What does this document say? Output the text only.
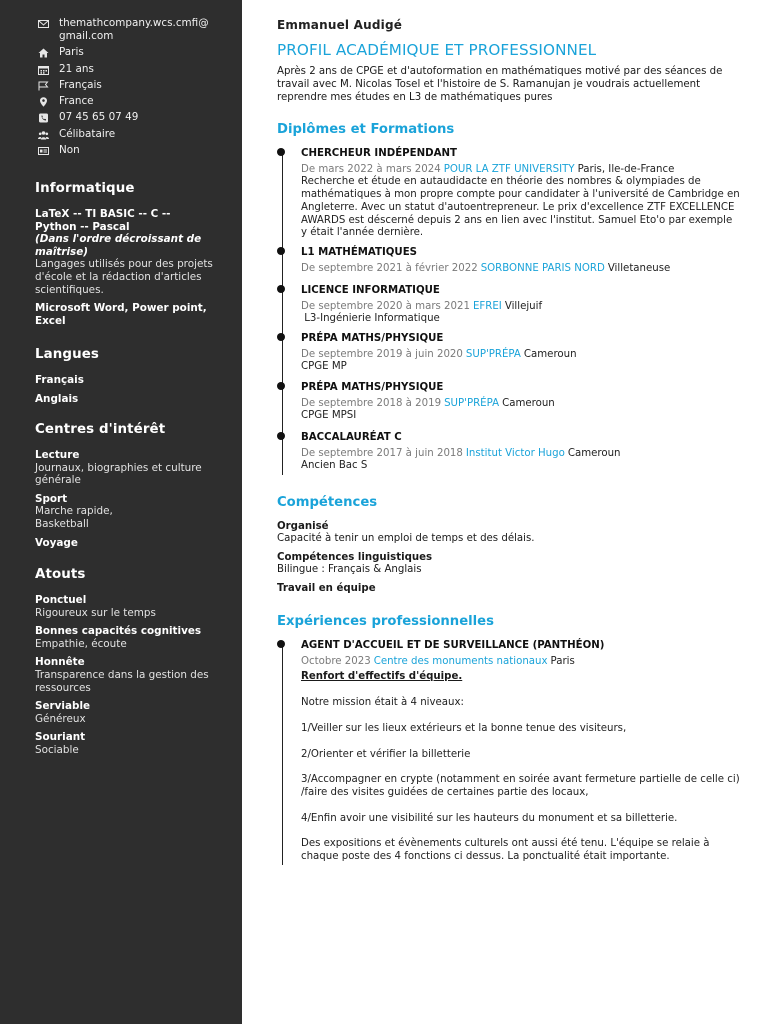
themathcompany.wcs.cmfi@ gmail.com
Paris
21 ans
Français
France
07 45 65 07 49
Célibataire
Non
Informatique
LaTeX -- TI BASIC -- C -- Python -- Pascal
(Dans l'ordre décroissant de maîtrise)
Langages utilisés pour des projets d'école et la rédaction d'articles scientifiques.
Microsoft Word, Power point, Excel
Langues
Français
Anglais
Centres d'intérêt
Lecture
Journaux, biographies et culture générale
Sport
Marche rapide, Basketball
Voyage
Atouts
Ponctuel
Rigoureux sur le temps
Bonnes capacités cognitives
Empathie, écoute
Honnête
Transparence dans la gestion des ressources
Serviable
Généreux
Souriant
Sociable
Emmanuel Audigé
PROFIL ACADÉMIQUE ET PROFESSIONNEL
Après 2 ans de CPGE et d'autoformation en mathématiques motivé par des séances de travail avec M. Nicolas Tosel et l'histoire de S. Ramanujan je voudrais actuellement reprendre mes études en L3 de mathématiques pures
Diplômes et Formations
Compétences
Expériences professionnelles
CHERCHEUR INDÉPENDANT
De mars 2022 à mars 2024 POUR LA ZTF UNIVERSITY Paris, Ile-de-France
Recherche et étude en autaudidacte en théorie des nombres & olympiades de mathématiques à mon propre compte pour candidater à l'université de Cambridge en Angleterre. Avec un statut d'autoentrepreneur. Le prix d'excellence ZTF EXCELLENCE AWARDS est déscerné depuis 2 ans en lien avec l'institut. Samuel Eto'o par exemple y était l'année dernière.
L1 MATHÉMATIQUES
De septembre 2021 à février 2022 SORBONNE PARIS NORD Villetaneuse
LICENCE INFORMATIQUE
De septembre 2020 à mars 2021 EFREI Villejuif
L3-Ingénierie Informatique
PRÉPA MATHS/PHYSIQUE
De septembre 2019 à juin 2020 SUP'PRÉPA Cameroun
CPGE MP
PRÉPA MATHS/PHYSIQUE
De septembre 2018 à 2019 SUP'PRÉPA Cameroun
CPGE MPSI
BACCALAURÉAT C
De septembre 2017 à juin 2018 Institut Victor Hugo Cameroun
Ancien Bac S
Organisé
Capacité à tenir un emploi de temps et des délais.
Compétences linguistiques
Bilingue : Français & Anglais
Travail en équipe
AGENT D'ACCUEIL ET DE SURVEILLANCE (PANTHÉON)
Octobre 2023 Centre des monuments nationaux Paris
Renfort d'effectifs d'équipe.

Notre mission était à 4 niveaux:

1/Veiller sur les lieux extérieurs et la bonne tenue des visiteurs,

2/Orienter et vérifier la billetterie

3/Accompagner en crypte (notamment en soirée avant fermeture partielle de celle ci) /faire des visites guidées de certaines partie des locaux,

4/Enfin avoir une visibilité sur les hauteurs du monument et sa billetterie.

Des expositions et évènements culturels ont aussi été tenu. L'équipe se relaie à chaque poste des 4 fonctions ci dessus. La ponctualité était importante.
